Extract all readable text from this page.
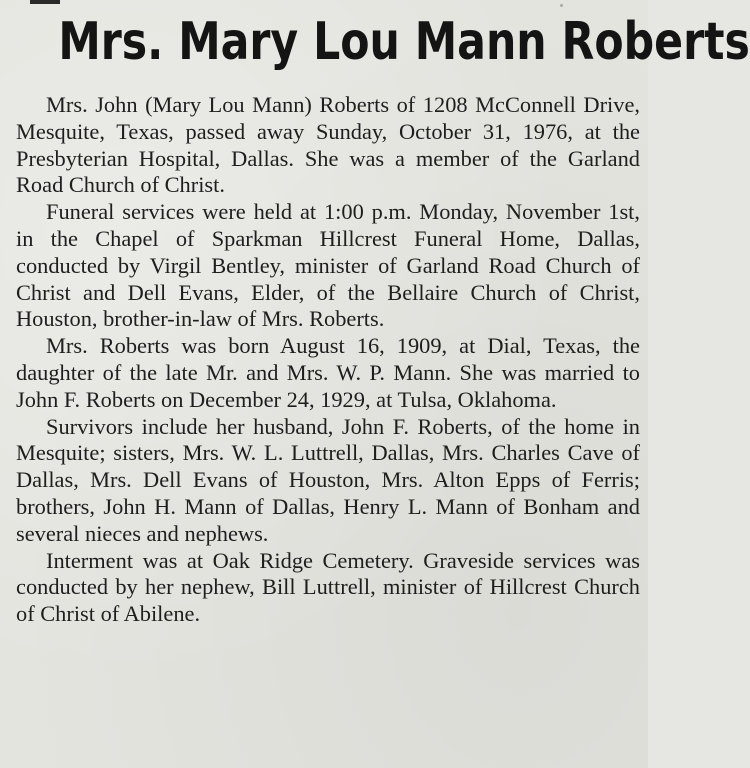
Mrs. Mary Lou Mann Roberts

Mrs. John (Mary Lou Mann) Roberts of 1208 McConnell Drive, Mesquite, Texas, passed away Sunday, October 31, 1976, at the Presbyterian Hospital, Dallas. She was a member of the Garland Road Church of Christ.

Funeral services were held at 1:00 p.m. Monday, November 1st, in the Chapel of Sparkman Hillcrest Funeral Home, Dallas, conducted by Virgil Bentley, minister of Garland Road Church of Christ and Dell Evans, Elder, of the Bellaire Church of Christ, Houston, brother-in-law of Mrs. Roberts.

Mrs. Roberts was born August 16, 1909, at Dial, Texas, the daughter of the late Mr. and Mrs. W. P. Mann. She was married to John F. Roberts on December 24, 1929, at Tulsa, Oklahoma.

Survivors include her husband, John F. Roberts, of the home in Mesquite; sisters, Mrs. W. L. Luttrell, Dallas, Mrs. Charles Cave of Dallas, Mrs. Dell Evans of Houston, Mrs. Alton Epps of Ferris; brothers, John H. Mann of Dallas, Henry L. Mann of Bonham and several nieces and nephews.

Interment was at Oak Ridge Cemetery. Graveside services was conducted by her nephew, Bill Luttrell, minister of Hillcrest Church of Christ of Abilene.
